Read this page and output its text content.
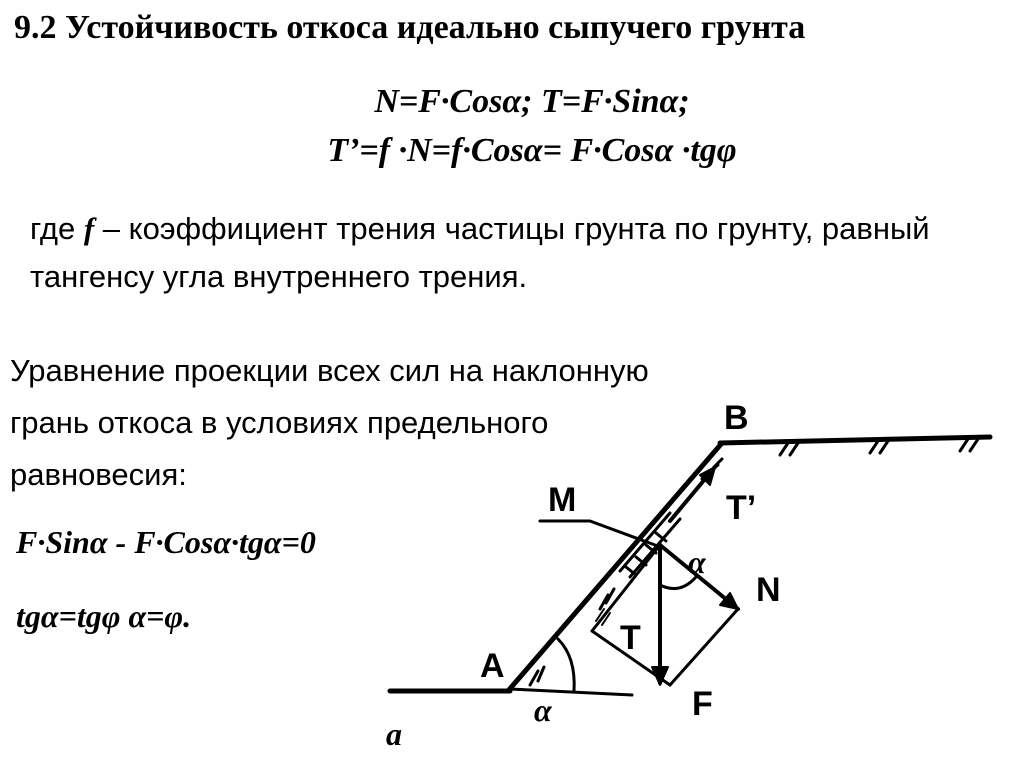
9.2 Устойчивость откоса идеально сыпучего грунта
N=F·Cosα; T=F·Sinα;
T’=f ·N=f·Cosα= F·Cosα ·tgφ
где f – коэффициент трения частицы грунта по грунту, равный тангенсу угла внутреннего трения.
Уравнение проекции всех сил на наклонную грань откоса в условиях предельного равновесия:
F·Sinα - F·Cosα·tgα=0
tgα=tgφ α=φ.
B
M	T’
α
N
T
A
F
α
a
